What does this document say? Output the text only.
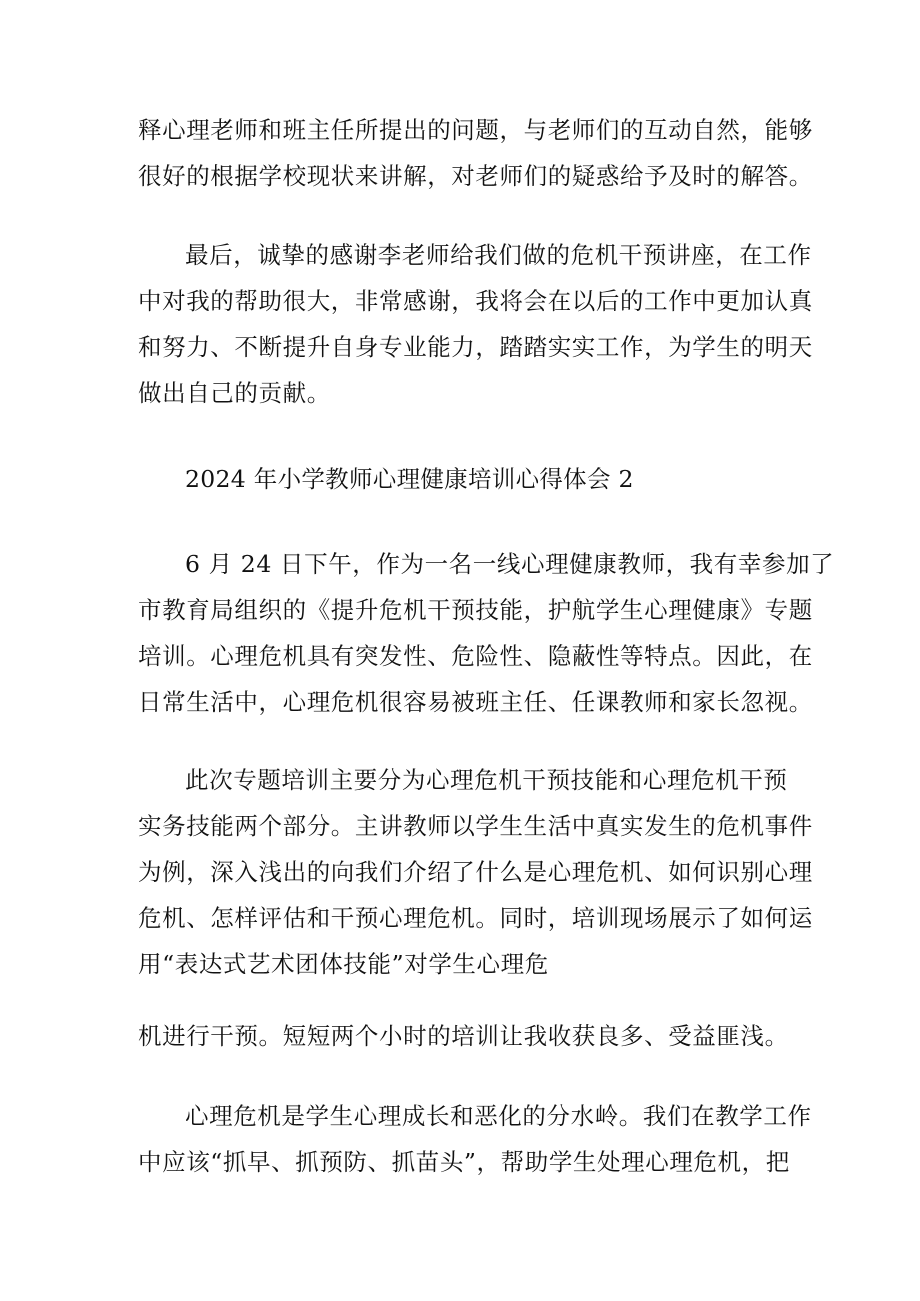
释心理老师和班主任所提出的问题，与老师们的互动自然，能够
很好的根据学校现状来讲解，对老师们的疑惑给予及时的解答。

最后，诚挚的感谢李老师给我们做的危机干预讲座，在工作
中对我的帮助很大，非常感谢，我将会在以后的工作中更加认真
和努力、不断提升自身专业能力，踏踏实实工作，为学生的明天
做出自己的贡献。

2024 年小学教师心理健康培训心得体会 2

6 月 24 日下午，作为一名一线心理健康教师，我有幸参加了
市教育局组织的《提升危机干预技能，护航学生心理健康》专题
培训。心理危机具有突发性、危险性、隐蔽性等特点。因此，在
日常生活中，心理危机很容易被班主任、任课教师和家长忽视。

此次专题培训主要分为心理危机干预技能和心理危机干预
实务技能两个部分。主讲教师以学生生活中真实发生的危机事件
为例，深入浅出的向我们介绍了什么是心理危机、如何识别心理
危机、怎样评估和干预心理危机。同时，培训现场展示了如何运
用“表达式艺术团体技能”对学生心理危

机进行干预。短短两个小时的培训让我收获良多、受益匪浅。

心理危机是学生心理成长和恶化的分水岭。我们在教学工作
中应该“抓早、抓预防、抓苗头”，帮助学生处理心理危机，把
